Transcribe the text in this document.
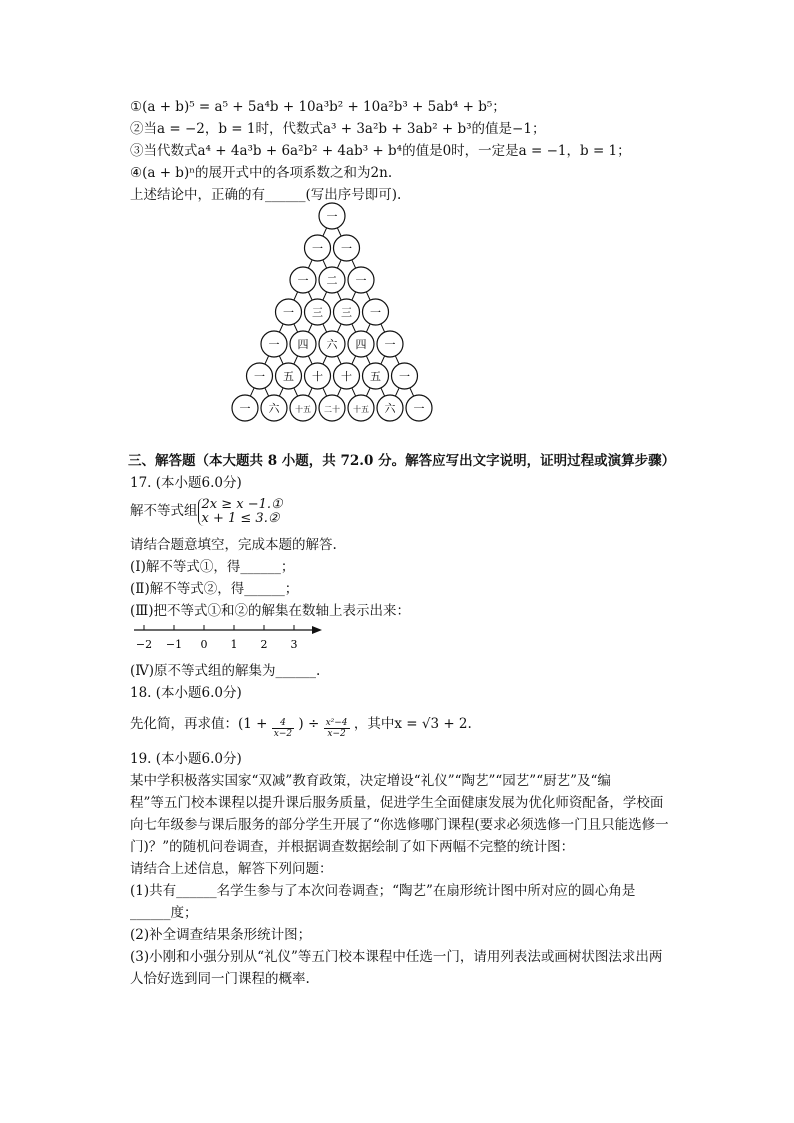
①(a + b)⁵ = a⁵ + 5a⁴b + 10a³b² + 10a²b³ + 5ab⁴ + b⁵；
②当a = −2，b = 1时，代数式a³ + 3a²b + 3ab² + b³的值是−1；
③当代数式a⁴ + 4a³b + 6a²b² + 4ab³ + b⁴的值是0时，一定是a = −1，b = 1；
④(a + b)ⁿ的展开式中的各项系数之和为2n.
上述结论中，正确的有______(写出序号即可).
一
一 一
一 二 一
一 三 三 一
一 四 六 四 一
一 五 十 十 五 一
一 六 十五 二十 十五 六 一
三、解答题（本大题共 8 小题，共 72.0 分。解答应写出文字说明，证明过程或演算步骤）
17. (本小题6.0分)
解不等式组 2x ≥ x −1.①
x + 1 ≤ 3.②
请结合题意填空，完成本题的解答.
(Ⅰ)解不等式①，得______；
(Ⅱ)解不等式②，得______；
(Ⅲ)把不等式①和②的解集在数轴上表示出来：
−2 −1 0 1 2 3
(Ⅳ)原不等式组的解集为______.
18. (本小题6.0分)
先化简，再求值：($1 + \frac{4}{x-2}$ ) ÷ $\frac{\text{x²−4}}{x-2}$ ，其中x = √3 + 2.
19. (本小题6.0分)
某中学积极落实国家“双减”教育政策，决定增设“礼仪”“陶艺”“园艺”“厨艺”及“编
程”等五门校本课程以提升课后服务质量，促进学生全面健康发展为优化师资配备，学校面
向七年级参与课后服务的部分学生开展了“你选修哪门课程(要求必须选修一门且只能选修一
门)？”的随机问卷调查，并根据调查数据绘制了如下两幅不完整的统计图：
请结合上述信息，解答下列问题：
(1)共有______名学生参与了本次问卷调查；“陶艺”在扇形统计图中所对应的圆心角是
______度；
(2)补全调查结果条形统计图；
(3)小刚和小强分别从“礼仪”等五门校本课程中任选一门，请用列表法或画树状图法求出两
人恰好选到同一门课程的概率.
